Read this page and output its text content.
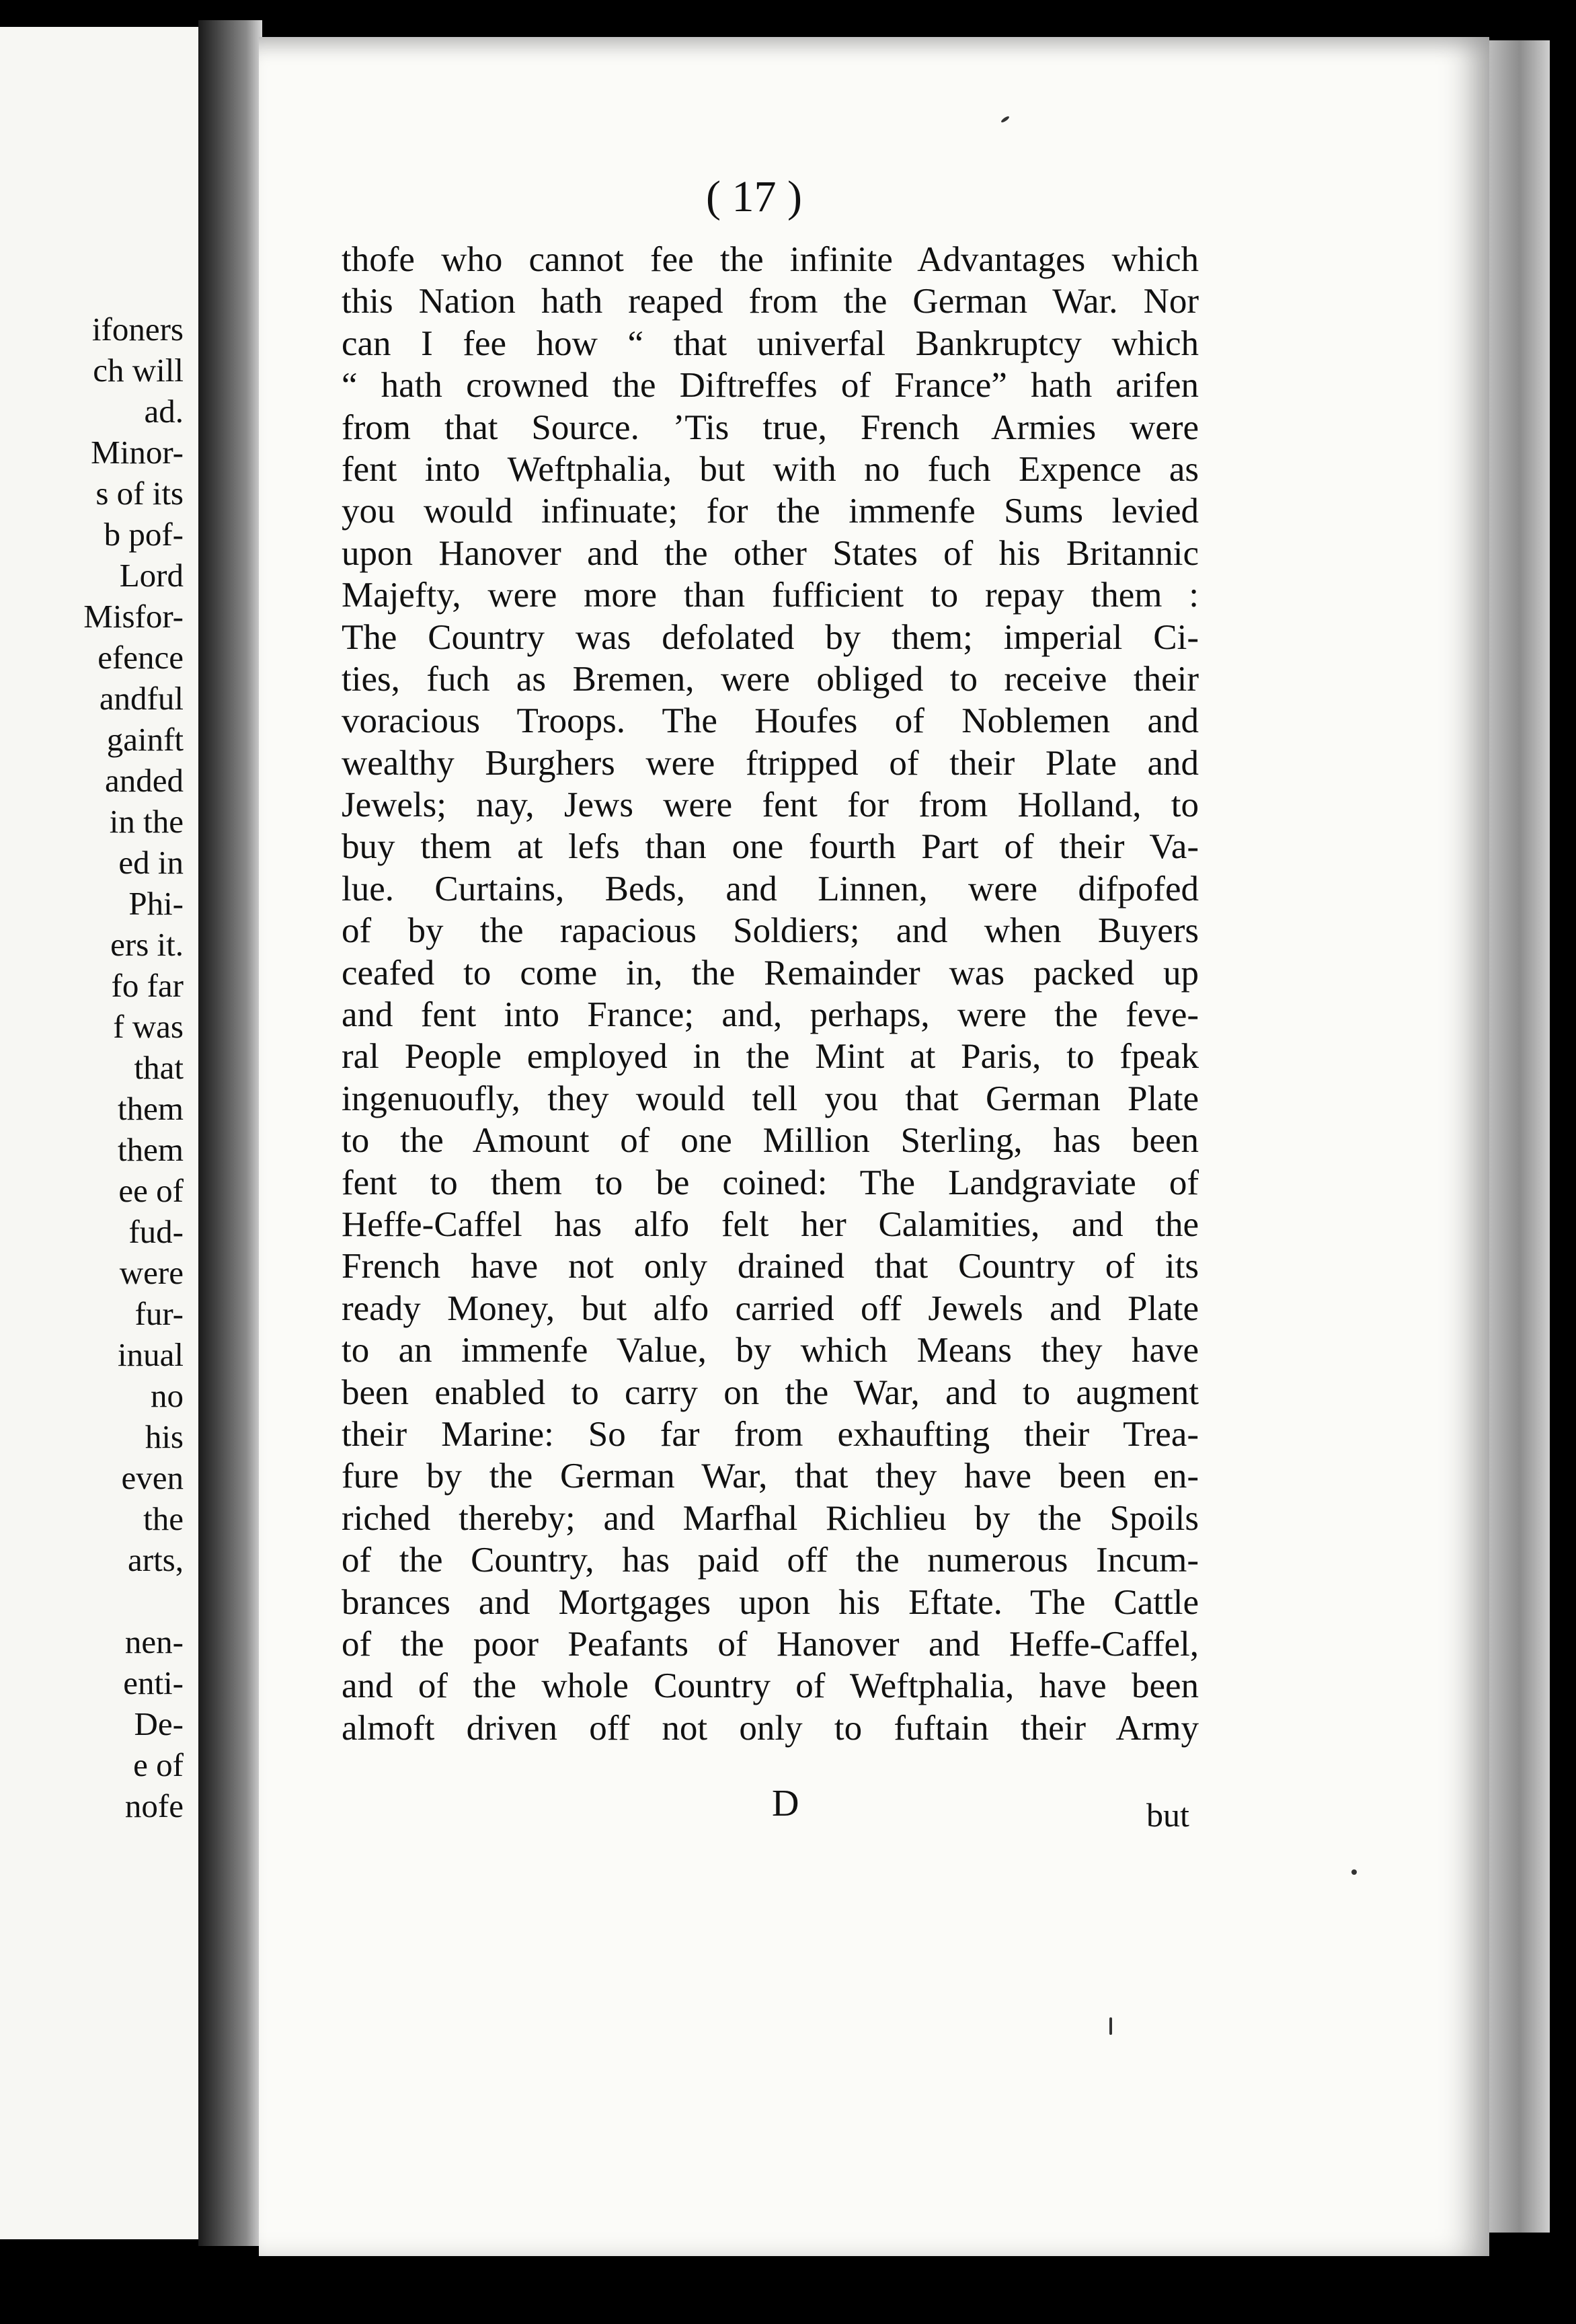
ifoners
ch will
ad.
Minor-
s of its
b pof-
Lord
Misfor-
efence
andful
gainft
anded
in the
ed in
Phi-
ers it.
fo far
f was
that
them
them
ee of
fud-
were
fur-
inual
no
his
even
the
arts,
nen-
enti-
De-
e of
nofe
( 17 )
thofe who cannot fee the infinite Advantages which
this Nation hath reaped from the German War. Nor
can I fee how “ that univerfal Bankruptcy which
“ hath crowned the Diftreffes of France” hath arifen
from that Source. ’Tis true, French Armies were
fent into Weftphalia, but with no fuch Expence as
you would infinuate; for the immenfe Sums levied
upon Hanover and the other States of his Britannic
Majefty, were more than fufficient to repay them :
The Country was defolated by them; imperial Ci-
ties, fuch as Bremen, were obliged to receive their
voracious Troops. The Houfes of Noblemen and
wealthy Burghers were ftripped of their Plate and
Jewels; nay, Jews were fent for from Holland, to
buy them at lefs than one fourth Part of their Va-
lue. Curtains, Beds, and Linnen, were difpofed
of by the rapacious Soldiers; and when Buyers
ceafed to come in, the Remainder was packed up
and fent into France; and, perhaps, were the feve-
ral People employed in the Mint at Paris, to fpeak
ingenuoufly, they would tell you that German Plate
to the Amount of one Million Sterling, has been
fent to them to be coined: The Landgraviate of
Heffe-Caffel has alfo felt her Calamities, and the
French have not only drained that Country of its
ready Money, but alfo carried off Jewels and Plate
to an immenfe Value, by which Means they have
been enabled to carry on the War, and to augment
their Marine: So far from exhaufting their Trea-
fure by the German War, that they have been en-
riched thereby; and Marfhal Richlieu by the Spoils
of the Country, has paid off the numerous Incum-
brances and Mortgages upon his Eftate. The Cattle
of the poor Peafants of Hanover and Heffe-Caffel,
and of the whole Country of Weftphalia, have been
almoft driven off not only to fuftain their Army
D	but
